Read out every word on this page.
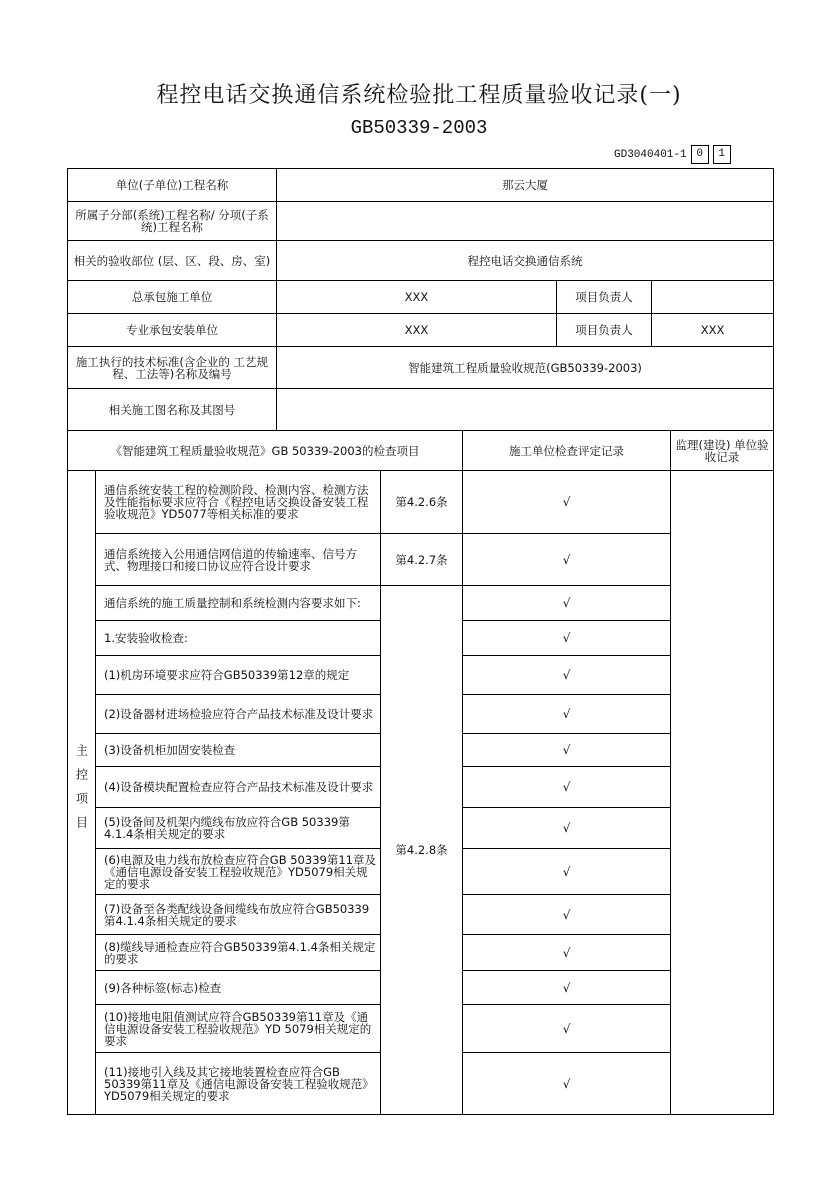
程控电话交换通信系统检验批工程质量验收记录(一)
GB50339-2003
GD3040401-1 0	1
单位(子单位)工程名称	那云大厦		
所属子分部(系统)工程名称/ 分项(子系统)工程名称			
相关的验收部位 (层、区、段、房、室)	程控电话交换通信系统		
总承包施工单位	XXX	项目负责人	
专业承包安装单位	XXX	项目负责人	XXX
施工执行的技术标准(含企业的 工艺规程、工法等)名称及编号	智能建筑工程质量验收规范(GB50339-2003)		
相关施工图名称及其图号			
《智能建筑工程质量验收规范》GB 50339-2003的检查项目			施工单位检查评定记录	监理(建设) 单位验收记录
主控项目	通信系统安装工程的检测阶段、检测内容、检测方法及性能指标要求应符合《程控电话交换设备安装工程验收规范》YD5077等相关标准的要求	第4.2.6条	√	
	通信系统接入公用通信网信道的传输速率、信号方式、物理接口和接口协议应符合设计要求	第4.2.7条	√	
	通信系统的施工质量控制和系统检测内容要求如下:	第4.2.8条	√	
	1.安装验收检查:		√	
	(1)机房环境要求应符合GB50339第12章的规定		√	
	(2)设备器材进场检验应符合产品技术标准及设计要求		√	
	(3)设备机柜加固安装检查		√	
	(4)设备模块配置检查应符合产品技术标准及设计要求		√	
	(5)设备间及机架内缆线布放应符合GB 50339第4.1.4条相关规定的要求		√	
	(6)电源及电力线布放检查应符合GB 50339第11章及《通信电源设备安装工程验收规范》YD5079相关规定的要求		√	
	(7)设备至各类配线设备间缆线布放应符合GB50339第4.1.4条相关规定的要求		√	
	(8)缆线导通检查应符合GB50339第4.1.4条相关规定的要求		√	
	(9)各种标签(标志)检查		√	
	(10)接地电阻值测试应符合GB50339第11章及《通信电源设备安装工程验收规范》YD 5079相关规定的要求		√	
	(11)接地引入线及其它接地装置检查应符合GB 50339第11章及《通信电源设备安装工程验收规范》YD5079相关规定的要求		√	
